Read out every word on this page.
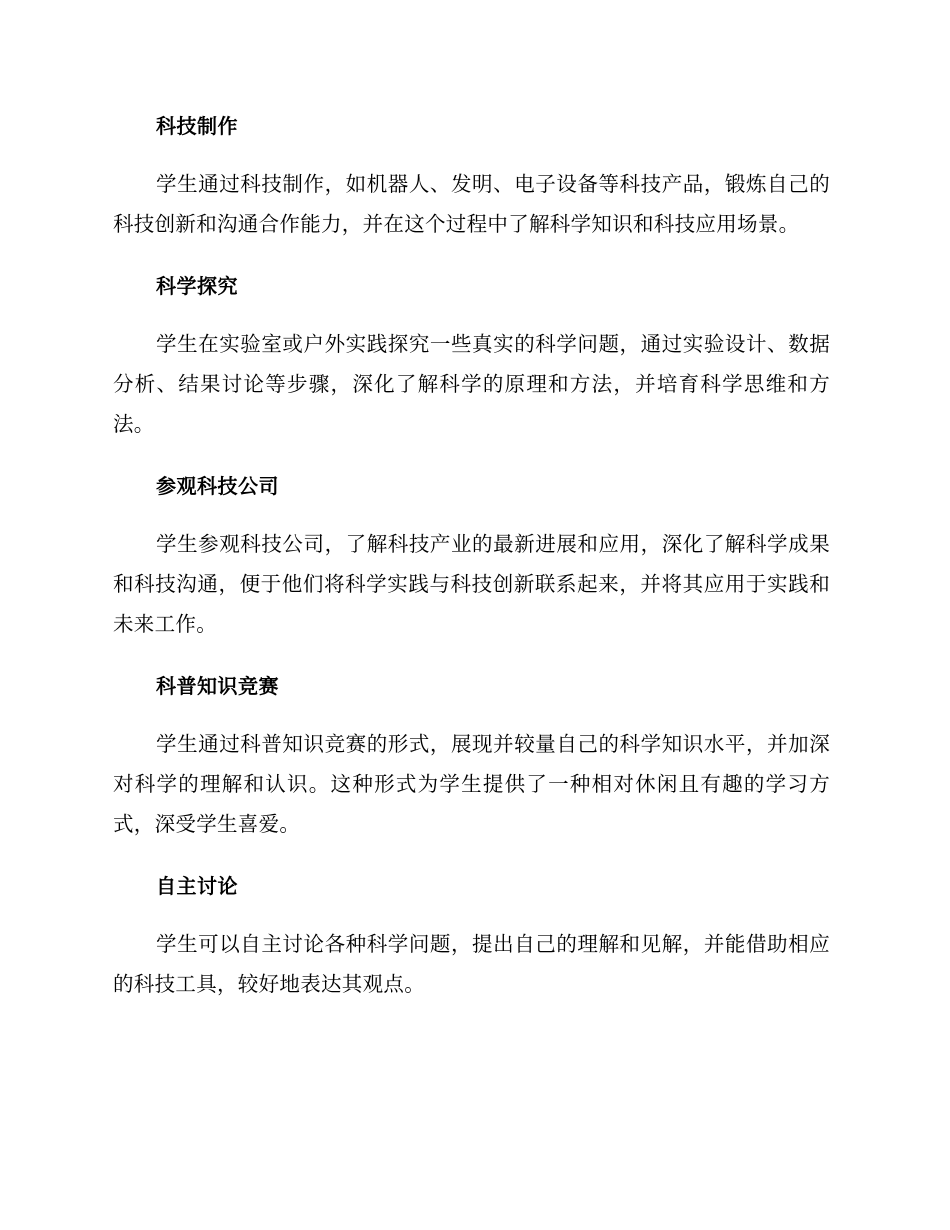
科技制作

学生通过科技制作，如机器人、发明、电子设备等科技产品，锻炼自己的科技创新和沟通合作能力，并在这个过程中了解科学知识和科技应用场景。

科学探究

学生在实验室或户外实践探究一些真实的科学问题，通过实验设计、数据分析、结果讨论等步骤，深化了解科学的原理和方法，并培育科学思维和方法。

参观科技公司

学生参观科技公司，了解科技产业的最新进展和应用，深化了解科学成果和科技沟通，便于他们将科学实践与科技创新联系起来，并将其应用于实践和未来工作。

科普知识竞赛

学生通过科普知识竞赛的形式，展现并较量自己的科学知识水平，并加深对科学的理解和认识。这种形式为学生提供了一种相对休闲且有趣的学习方式，深受学生喜爱。

自主讨论

学生可以自主讨论各种科学问题，提出自己的理解和见解，并能借助相应的科技工具，较好地表达其观点。
